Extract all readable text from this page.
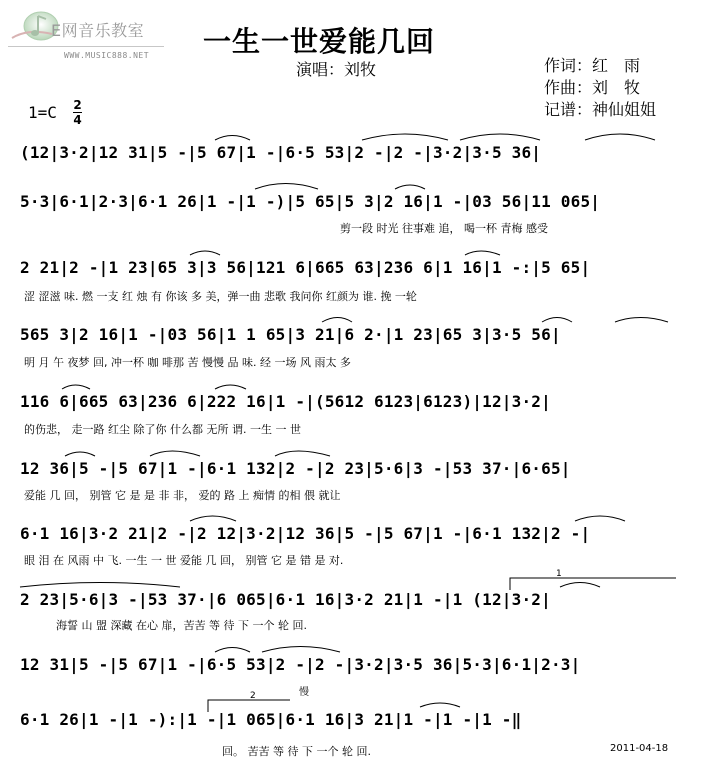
E网音乐教室
WWW.MUSIC888.NET 一生一世爱能几回
演唱：刘牧	作词：红　雨
作曲：刘　牧
记谱：神仙姐姐
1=C 2
4
(12|3·2|12 31|5 -|5 67|1 -|6·5 53|2 -|2 -|3·2|3·5 36|
5·3|6·1|2·3|6·1 26|1 -|1 -)|5 65|5 3|2 16|1 -|03 56|11 065|
剪一段 时光 往事难 追， 喝一杯 青梅 感受
2 21|2 -|1 23|65 3|3 56|121 6|665 63|236 6|1 16|1 -:|5 65|
涩 涩滋 味. 燃 一支 红 烛 有 你该 多 美，弹一曲 悲歌 我问你 红颜为 谁. 挽 一轮
565 3|2 16|1 -|03 56|1 1 65|3 21|6 2·|1 23|65 3|3·5 56|
明 月 午 夜梦 回, 冲一杯 咖 啡那 苦 慢慢 品 味. 经 一场 风 雨太 多
116 6|665 63|236 6|222 16|1 -|(5612 6123|6123)|12|3·2|
的伤悲， 走一路 红尘 除了你 什么都 无所 谓. 一生 一 世
12 36|5 -|5 67|1 -|6·1 132|2 -|2 23|5·6|3 -|53 37·|6·65|
爱能 几 回， 别管 它 是 是 非 非， 爱的 路 上 痴情 的相 偎 就让
6·1 16|3·2 21|2 -|2 12|3·2|12 36|5 -|5 67|1 -|6·1 132|2 -|
眼 泪 在 风雨 中 飞. 一生 一 世 爱能 几 回， 别管 它 是 错 是 对.
2 23|5·6|3 -|53 37·|6 065|6·1 16|3·2 21|1 -|1 (12|3·2|
海誓 山 盟 深藏 在心 扉，苦苦 等 待 下 一个 轮 回.
12 31|5 -|5 67|1 -|6·5 53|2 -|2 -|3·2|3·5 36|5·3|6·1|2·3|
6·1 26|1 -|1 -):|1 -|1 065|6·1 16|3 21|1 -|1 -|1 -‖
回。 苦苦 等 待 下 一个 轮 回.
1
2	慢
2011-04-18
